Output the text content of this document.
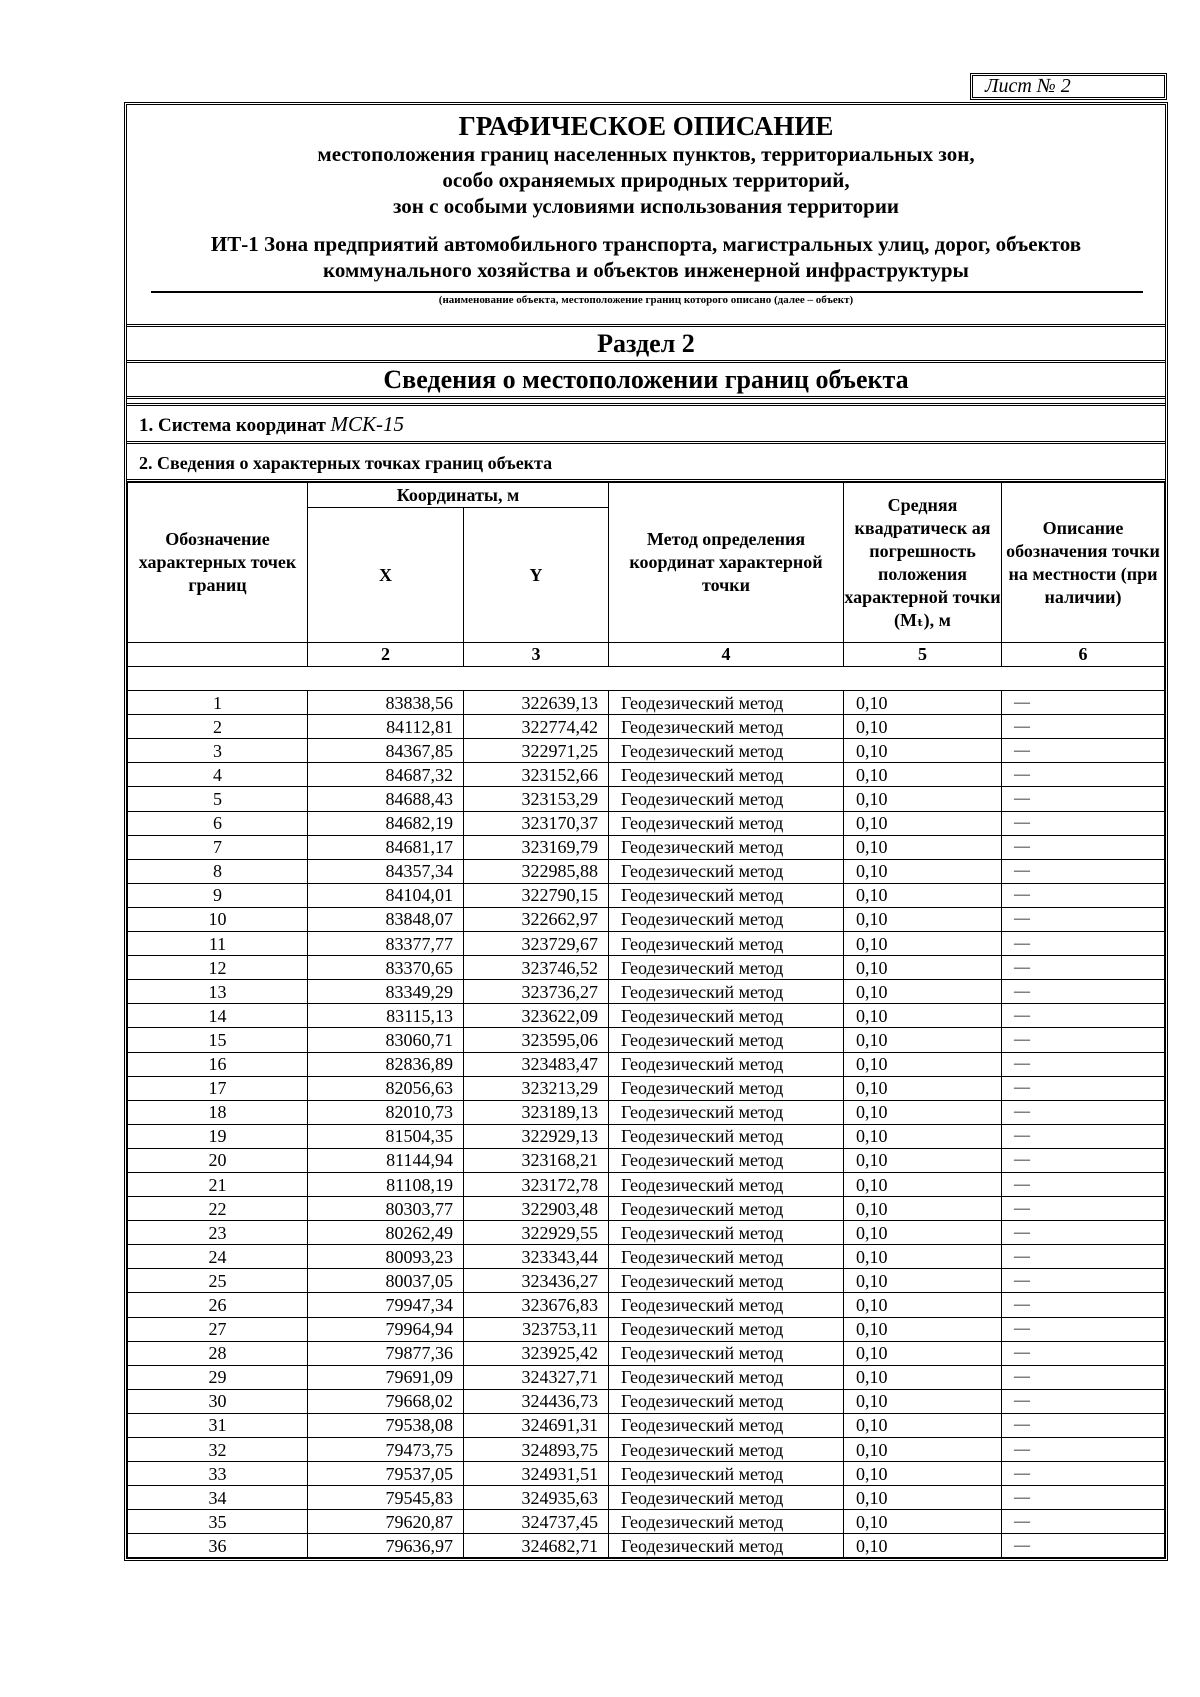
Лист № 2
ГРАФИЧЕСКОЕ ОПИСАНИЕ
местоположения границ населенных пунктов, территориальных зон,
особо охраняемых природных территорий,
зон с особыми условиями использования территории
ИТ-1 Зона предприятий автомобильного транспорта, магистральных улиц, дорог, объектов
коммунального хозяйства и объектов инженерной инфраструктуры
(наименование объекта, местоположение границ которого описано (далее – объект)
Раздел 2
Сведения о местоположении границ объекта
1. Система координат МСК-15
2. Сведения о характерных точках границ объекта
Обозначение характерных точек границ	Координаты, м		Метод определения координат характерной точки	Средняя квадратическ ая погрешность положения характерной точки (Mₜ), м	Описание обозначения точки на местности (при наличии)
	X	Y			
	2	3	4	5	6

1	83838,56	322639,13	Геодезический метод	0,10	—
2	84112,81	322774,42	Геодезический метод	0,10	—
3	84367,85	322971,25	Геодезический метод	0,10	—
4	84687,32	323152,66	Геодезический метод	0,10	—
5	84688,43	323153,29	Геодезический метод	0,10	—
6	84682,19	323170,37	Геодезический метод	0,10	—
7	84681,17	323169,79	Геодезический метод	0,10	—
8	84357,34	322985,88	Геодезический метод	0,10	—
9	84104,01	322790,15	Геодезический метод	0,10	—
10	83848,07	322662,97	Геодезический метод	0,10	—
11	83377,77	323729,67	Геодезический метод	0,10	—
12	83370,65	323746,52	Геодезический метод	0,10	—
13	83349,29	323736,27	Геодезический метод	0,10	—
14	83115,13	323622,09	Геодезический метод	0,10	—
15	83060,71	323595,06	Геодезический метод	0,10	—
16	82836,89	323483,47	Геодезический метод	0,10	—
17	82056,63	323213,29	Геодезический метод	0,10	—
18	82010,73	323189,13	Геодезический метод	0,10	—
19	81504,35	322929,13	Геодезический метод	0,10	—
20	81144,94	323168,21	Геодезический метод	0,10	—
21	81108,19	323172,78	Геодезический метод	0,10	—
22	80303,77	322903,48	Геодезический метод	0,10	—
23	80262,49	322929,55	Геодезический метод	0,10	—
24	80093,23	323343,44	Геодезический метод	0,10	—
25	80037,05	323436,27	Геодезический метод	0,10	—
26	79947,34	323676,83	Геодезический метод	0,10	—
27	79964,94	323753,11	Геодезический метод	0,10	—
28	79877,36	323925,42	Геодезический метод	0,10	—
29	79691,09	324327,71	Геодезический метод	0,10	—
30	79668,02	324436,73	Геодезический метод	0,10	—
31	79538,08	324691,31	Геодезический метод	0,10	—
32	79473,75	324893,75	Геодезический метод	0,10	—
33	79537,05	324931,51	Геодезический метод	0,10	—
34	79545,83	324935,63	Геодезический метод	0,10	—
35	79620,87	324737,45	Геодезический метод	0,10	—
36	79636,97	324682,71	Геодезический метод	0,10	—
